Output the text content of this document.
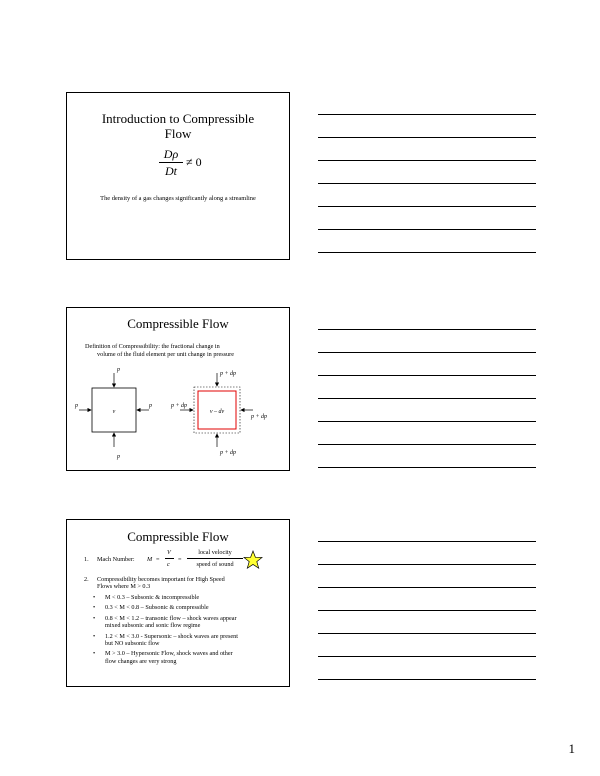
Introduction to Compressible
Flow
Dρ
Dt
≠ 0
The density of a gas changes significantly along a streamline
Compressible Flow
Definition of Compressibility: the fractional change in
volume of the fluid element per unit change in pressure
v
p
p
p	p
v – dv
p + dp
p + dp
p + dp
p + dp
Compressible Flow
1. Mach Number: M =
V
c
=
local velocity
speed of sound
2. Compressibility becomes important for High Speed
Flows where M > 0.3
• M < 0.3 – Subsonic & incompressible
• 0.3 < M < 0.8 – Subsonic & compressible
• 0.8 < M < 1.2 – transonic flow – shock waves appear mixed subsonic and sonic flow regime
• 1.2 < M < 3.0 - Supersonic – shock waves are present but NO subsonic flow
• M > 3.0 – Hypersonic Flow, shock waves and other flow changes are very strong
1
